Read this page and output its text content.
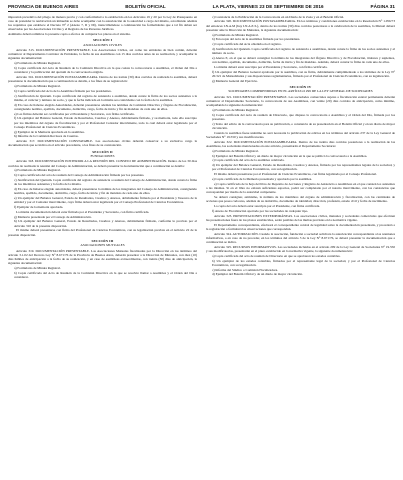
PROVINCIA DE BUENOS AIRES	BOLETÍN OFICIAL	LA PLATA, VIERNES 23 DE SEPTIEMBRE DE 2016	PÁGINA 31
impresión preventiva del pliego de manera previa y con conformidad a lo establecido en los Artículos 19 y 20 por la Ley de Presupuesto en caso de pretender la reubicación un inmueble se debe acompañar con la autorización de la autoridad a cargo del mismo, acreditando además los requisitos que establece el Decreto N° 2 (Anexo 7, II y III), transcribiéndose a continuación las formalidades que a tal fin deben ser observadas por las Asociaciones Civiles y el Registro de las Personas Jurídicas.
Asimismo deberá remitirse la presente copia a efectos de computar los plazos en el sistema.
SECCIÓN I
ASOCIACIONES CIVILES
Artículo 315. DOCUMENTACIÓN PRESENTABLE. Las Asociaciones Civiles, así como las entidades de bien común, deberán comunicar al Departamento Contralor de Entidades, la fecha de sus Asambleas con 15 días corridos antes de su realización, y acompañar la siguiente documentación:
a) Formulario de Minuta Registral.
b) Copia certificada del Acta de Reunión de la Comisión Directiva en la que consta la convocatoria a Asamblea, el Orden del Día a considerar y la publicación del quórum de la convocatoria exigido.
Artículo 316. DOCUMENTACIÓN POSTASAMBLEARIA. Dentro de los treinta (30) días corridos de realizada la asamblea, deberá presentarse la documentación que a continuación se detalla, a los fines de su registración:
a) Formulario de Minuta Registral.
b) Copia certificada del Acta de la Asamblea firmada por los presidentes.
c) Justificación de Quórum. Copia certificada del registro de asistencia a asamblea, donde conste la firma de los socios asistentes a la misma, el carácter y número de socio, y que la fecha indicada en la misma sea coincidente con la fecha de la asamblea.
d) En caso de haberse elegido Autoridades, deberán presentarse además las nóminas de Comisión Directiva y Órgano de Fiscalización, consignando nombre, apellido, documento, domicilio, cargo, fecha de inicio y fin de mandato de cada uno de ellos.
e) Las firmas deberán ser certificadas por el Presidente y Secretario, con firma certificada.
f) Un ejemplar del Balance General, Estado de Resultados, Cuadros y Anexos, debidamente firmado, y su memoria, todo ello suscripto por los miembros del órgano de fiscalización y por el Profesional Contador interviniente, todo lo cual deberá estar legalizado por el Consejo Profesional de Ciencias Económicas.
g) Ejemplar de la Memoria aprobada en la asamblea.
h) Informe de la Comisión Revisora de Cuentas.
Artículo 317. DOCUMENTACIÓN CONSTATABLE. Las asociaciones civiles deberán conservar a su exclusivo cargo la documentación que se indica en el artículo precedente, a los fines de su constatación.
SECCIÓN II
FUNDACIONES
Artículo 318. DOCUMENTACIÓN POSTERIOR A LA REUNIÓN DEL CONSEJO DE ADMINISTRACIÓN. Dentro de los 30 días corridos de realizada la reunión del Consejo de Administración, se deberá presentar la documentación que a continuación se detalla:
a) Formulario de Minuta Registral.
b) Copia certificada del acta de reunión del Consejo de Administración firmada por los presentes.
c) Justificación del Quórum. Copia certificada del registro de asistencia a reunión del Consejo de Administración, donde consta la firma de los miembros asistentes y la fecha de la misma.
d) En caso de haberse elegido autoridades, deberá presentarse la nómina de los integrantes del Consejo de Administración, consignando nombre, apellido, documento, domicilio, cargo, fecha de inicio y fin de mandato de cada uno de ellos.
e) Un ejemplar del Balance General, Estado de Resultados, Cuadros y Anexos, debidamente firmado por el Presidente y Tesorero de la entidad y por el Contador interviniente, cuya firma deberá estar legalizada por el Consejo Profesional de Ciencias Económicas.
f) Ejemplar de la memoria aprobada.
La misma documentación deberá estar firmada por el Presidente y Secretario, con firma certificada.
g) Memoria presentada por el Consejo de Administración.
h) Un ejemplar del Balance General, Estado de Resultados, Cuadros y Anexos, debidamente firmado, conforme lo previsto por el Artículo 310 de la presente disposición.
El mismo deberá presentarse con firma del Profesional de Ciencias Económicas, con su legalización prevista en el Artículo 22 de la presente disposición.
SECCIÓN III
ASOCIACIONES MUTUALES
Artículo 319. DOCUMENTACIÓN PRESENTABLE. Las Asociaciones Mutuales fiscalizadas por la Dirección en los términos del artículo 3.1.02 del Decreto Ley N° 8.671/76 de la Provincia de Buenos Aires, deberán presentar a la Dirección de Mutuales, con diez (10) días hábiles de anticipación a la fecha de su realización, y en caso de asambleas extraordinarias, con treinta (30) días de anticipación, la siguiente documentación:
a) Formulario de Minuta Registral.
b) Copia certificada del Acta de Reunión de la Comisión Directiva en la que se resolvió llamar a Asamblea y el Orden del Día a considerar.
c) Constancia de la Publicación de la Convocatoria en un Diario de la Zona y en el Boletín Oficial.
Artículo 320. DOCUMENTACIÓN POSTASAMBLEARIA. En los términos y condiciones establecidas en la Resolución N° 1.056/73 del entonces I.N.A.M (hoy I.N.A.E.S.), dentro de los treinta (30) días corridos posteriores a la celebración de la asamblea, la Mutual deberá presentar ante la Dirección de Mutuales, la siguiente documentación:
a) Formulario de Minuta Registral.
b) Fotocopia del Acta de la Asamblea firmada por los presidentes.
c) Copia certificada del Acta obtenida en el registro.
d) Justificación del Quórum. Copia certificada del registro de asistencia a asambleas, donde conste la firma de los socios asistentes y el número de socio.
e) Anexo E, en el que se deberá consignar la nómina de los integrantes del Órgano Directivo y de Fiscalización, titulares y suplentes, con nombre, apellido, documento, domicilio, fecha de inicio y fin de mandato. Además, deberá constar la firma de cada uno de ellos.
La misma deberá estar suscripta por el Presidente y Secretario, con firma certificada.
f) Un ejemplar del Balance General aprobado por la asamblea, con su firma, debidamente cumplimentado a los términos de la Ley N° 20.321 de Mutualidades y sus disposiciones reglamentarias, firmado por el Profesional de Ciencias Económicas, con su legalización.
g) Memoria General del Ejercicio.
SECCIÓN IV
SOCIEDADES COMPRENDIDAS EN EL ARTÍCULO 299 DE LA LEY GENERAL DE SOCIEDADES
Artículo 321. DOCUMENTACIÓN PRESENTABLE. Las sociedades comerciales sujetas a fiscalización estatal permanente deberán comunicar al Departamento Societario, la convocatoria de sus Asambleas, con veinte (20) días corridos de anticipación, como mínimo, acompañando la siguiente documentación:
a) Formulario de Minuta Registral.
b) Copia certificada del Acta de reunión de Directorio, que dispuso la convocatoria a Asamblea y el Orden del Día, firmada por los presentes.
c) Texto del edicto de la convocatoria para su publicación, o constancia de su presentación en el Boletín Oficial y en un diario de mayor circulación.
Cuando la asamblea fuese unánime no será necesaria la publicación de edictos en los términos del artículo 237 de la Ley General de Sociedades N° 19.550 y sus modificatorias.
Artículo 322. DOCUMENTACIÓN POSTASAMBLEARIA. Dentro de los treinta días corridos posteriores a la realización de las Asambleas, las sociedades mencionadas en este artículo, presentarán al Departamento Societario:
a) Formulario de Minuta Registral.
b) Ejemplar del Boletín Oficial y un diario de mayor circulación en la que se publicó la convocatoria a la Asamblea.
c) Copia certificada del acta de la asamblea celebrada.
d) Un ejemplar del Balance General, Estado de Resultados, Cuadros y Anexos, firmado por los representantes legales de la sociedad, y por el Profesional de Ciencias Económicas, con su legalización.
El mismo deberá presentarse por el Profesional de Ciencias Económicas, con firma legalizada por el Consejo Profesional.
e) Copia certificada de la Memoria presentada y aprobada por la asamblea.
e) Copia certificada de la hoja del libro de Depósito de Acciones y Registro de Asistencia a Asambleas en el que consten los asistentes a las mismas. Si en el libro no existen suficientes espacios, podrá ser completado por el notario interviniente, con las constancias que correspondan por medio de la autoridad competente.
Se deberá consignar, asimismo, la nómina de los miembros del órgano de administración y fiscalización, con las cantidades de acciones que posea cada uno, además de su domicilio, documento de identidad, dirección, profesión, estado civil y fecha de nacimiento.
La copia del acta deberá estar suscripta por el Presidente, con firma certificada.
f) Anexo de Fiscalización aportado por las sociedades de cualquier tipo.
Artículo 323. PRESENTACIONES EXTEMPORÁNEAS. Las asociaciones civiles, mutuales y sociedades comerciales que efectúen las presentaciones fuera de los plazos establecidos, serán pasibles de las multas previstas en la normativa vigente.
El Departamento correspondiente, efectuará el correspondiente control de legalidad sobre la documentación presentada, y procederá a la registración o formulará las observaciones que correspondan.
Artículo 324. AUTORIZACIÓN. Cuando la asociación, fundación o sociedad solicitara la autorización correspondiente a las reuniones informativas, o en caso de no proceder, en los términos del artículo 3 de la Ley N° 8.671/76, se deberá presentar la documentación que a continuación se indica.
Artículo 325. RECURSOS INFORMATIVOS. Las sociedades incluidas en el artículo 299 de la Ley General de Sociedades N° 19.550 y sus modificatorias, presentarán en el plazo establecido en la normativa vigente, la siguiente documentación:
a) Copia certificada del acta de reunión de Directorio en que se aprobaron los estados contables.
b) Un ejemplar de los estados contables, firmados por el representante legal de la sociedad, y por el Profesional de Ciencias Económicas, con su legalización.
c) Informe del Síndico o Comisión Fiscalizadora.
d) Ejemplar del Boletín Oficial y de un diario de mayor circulación.
